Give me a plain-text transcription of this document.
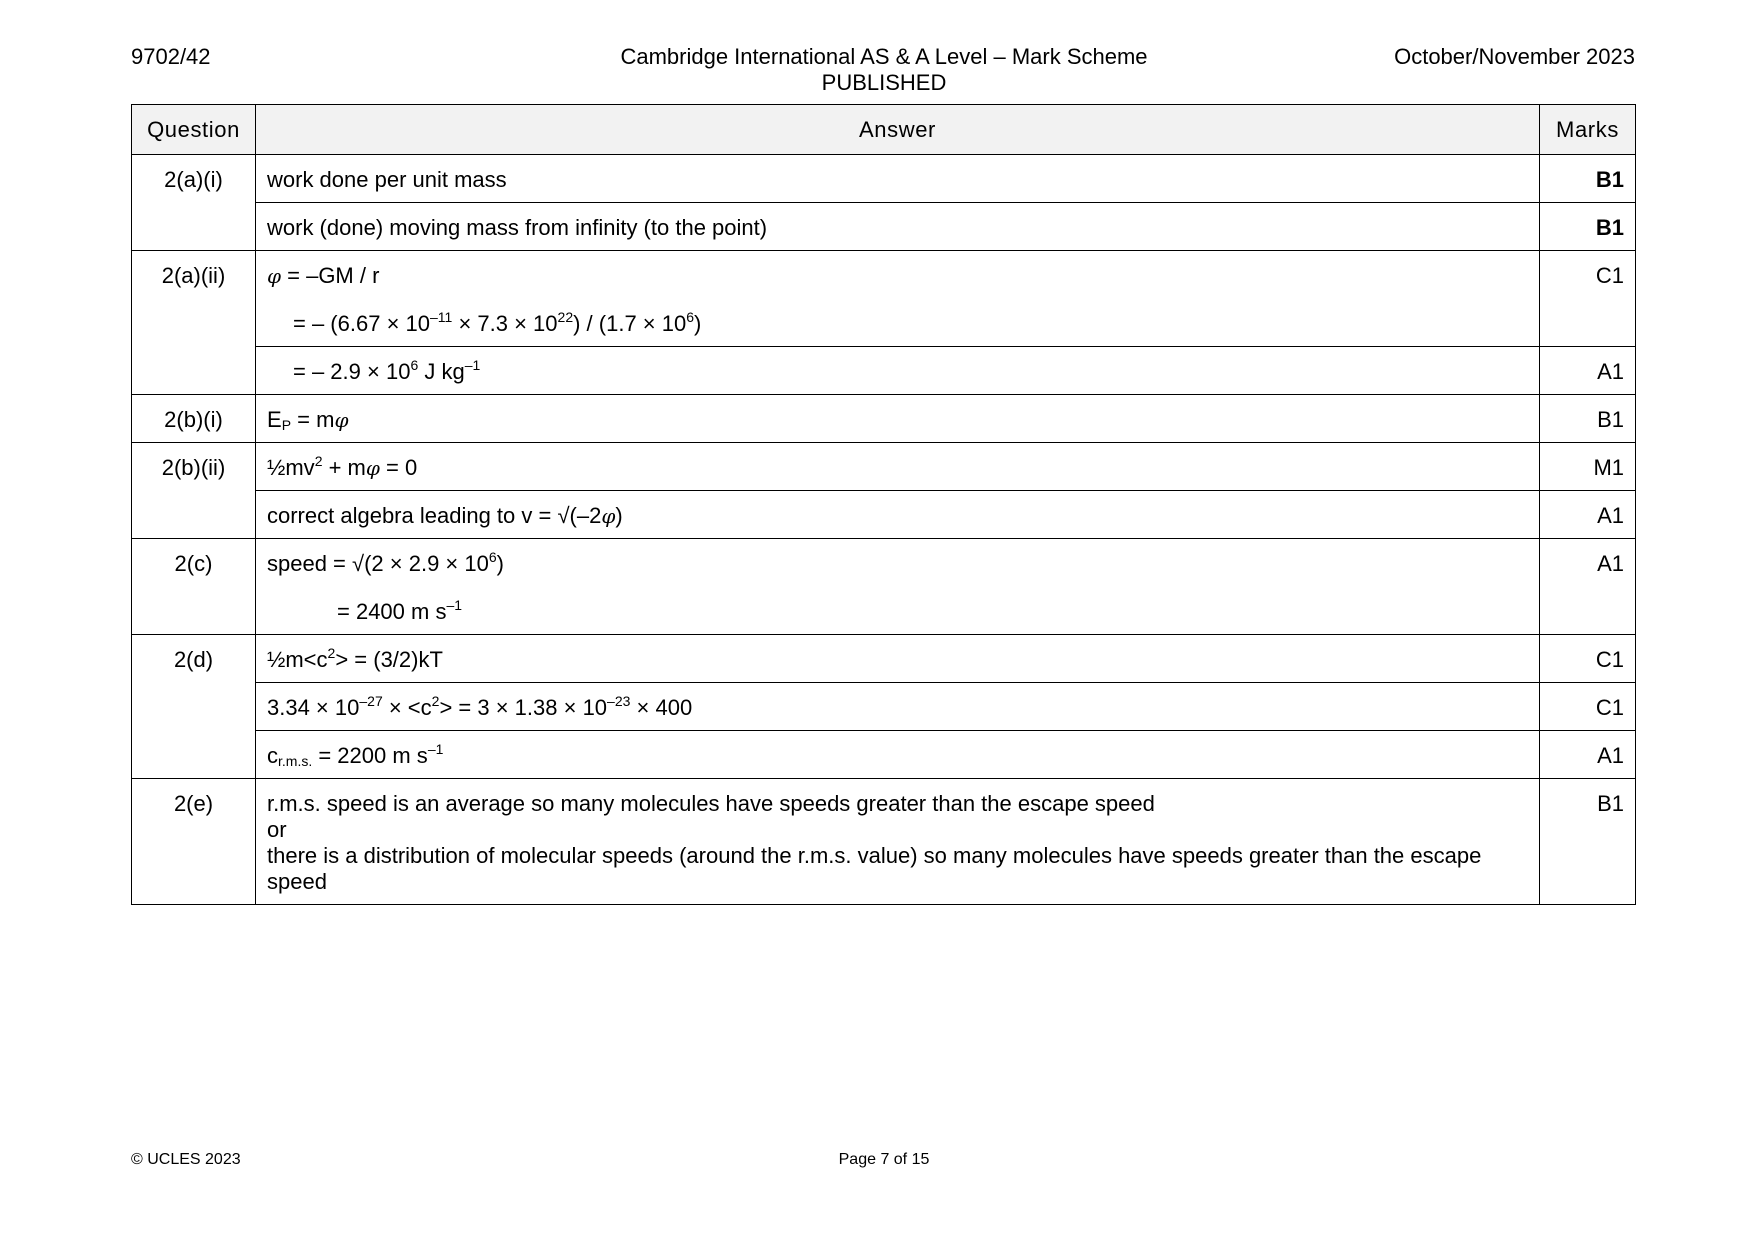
9702/42	Cambridge International AS & A Level – Mark Scheme
PUBLISHED
October/November 2023
Question	Answer	Marks
2(a)(i)	work done per unit mass	B1
	work (done) moving mass from infinity (to the point)	B1
2(a)(ii)	φ = –GM / r
= – $(6.67 \times 10^{-11} \times 7.3 \times 10^{22}) / (1.7 \times 10^6)$	C1

	= – $2.9 \times 10^6$ J $kg^{-1}$	A1
2(b)(i)	$E_P = m\varphi$	B1
2(b)(ii)	$\frac{1}{2}mv^2 + m\varphi = 0$	M1
	correct algebra leading to v = √(–2φ)	A1
2(c)	speed = $√(2 \times 2.9 \times 10^6)$
= 2400 m $s^{-1}$	A1
2(d)	$\frac{1}{2}m<c^2> = (3/2)kT$	C1
	$3.34 \times 10^{-27} \times <c^2> = 3 \times 1.38 \times 10^{-23} \times 400$	C1
	$c_{r.m.s.} = 2200$ m $s^{-1}$	A1
2(e)	r.m.s. speed is an average so many molecules have speeds greater than the escape speed
or
there is a distribution of molecular speeds (around the r.m.s. value) so many molecules have speeds greater than the escape speed	B1
© UCLES 2023	Page 7 of 15
